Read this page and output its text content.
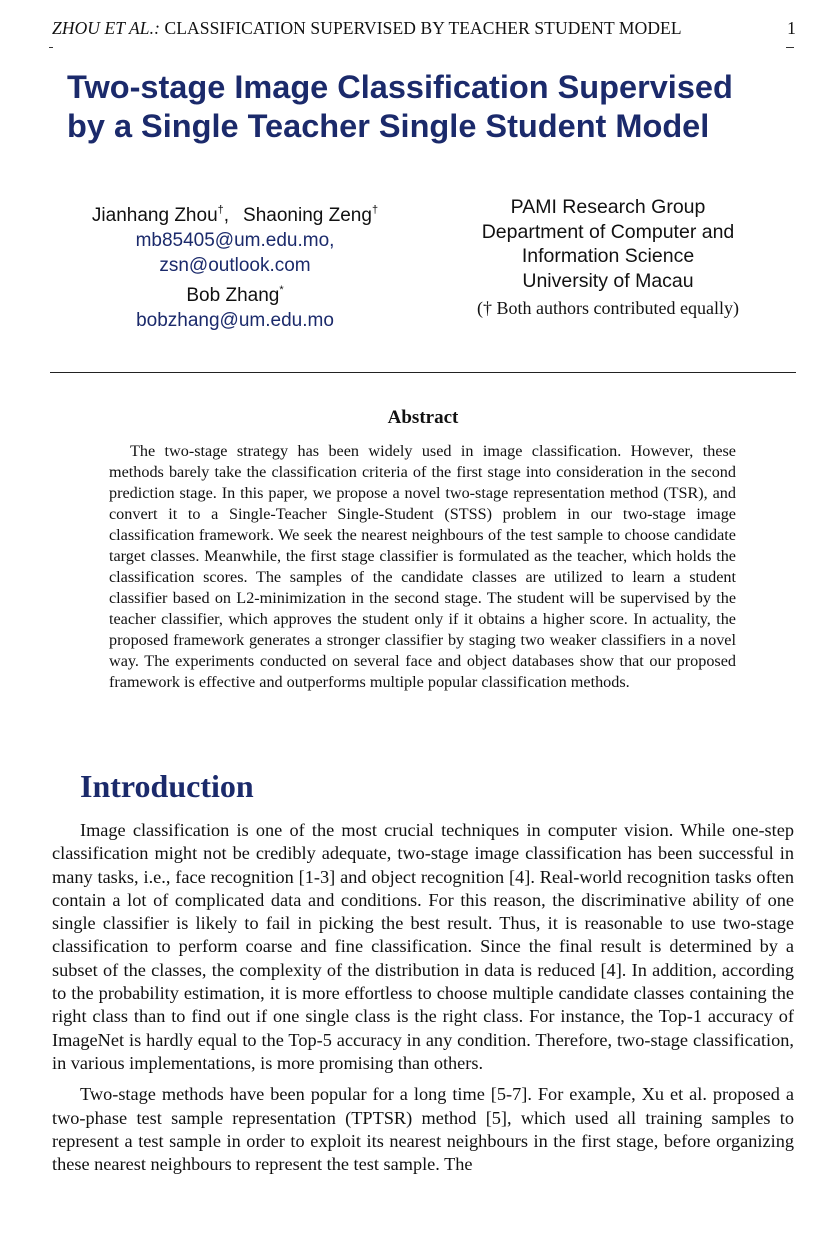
ZHOU ET AL.: CLASSIFICATION SUPERVISED BY TEACHER STUDENT MODEL	1
Two-stage Image Classification Supervised by a Single Teacher Single Student Model
Jianhang Zhou†, Shaoning Zeng†
mb85405@um.edu.mo,
zsn@outlook.com
Bob Zhang*
bobzhang@um.edu.mo
PAMI Research Group
Department of Computer and
Information Science
University of Macau
(† Both authors contributed equally)
Abstract
The two-stage strategy has been widely used in image classification. However, these methods barely take the classification criteria of the first stage into consideration in the second prediction stage. In this paper, we propose a novel two-stage representation method (TSR), and convert it to a Single-Teacher Single-Student (STSS) problem in our two-stage image classification framework. We seek the nearest neighbours of the test sample to choose candidate target classes. Meanwhile, the first stage classifier is formulated as the teacher, which holds the classification scores. The samples of the candidate classes are utilized to learn a student classifier based on L2-minimization in the second stage. The student will be supervised by the teacher classifier, which approves the student only if it obtains a higher score. In actuality, the proposed framework generates a stronger classifier by staging two weaker classifiers in a novel way. The experiments conducted on several face and object databases show that our proposed framework is effective and outperforms multiple popular classification methods.
Introduction

Image classification is one of the most crucial techniques in computer vision. While one-step classification might not be credibly adequate, two-stage image classification has been successful in many tasks, i.e., face recognition [1-3] and object recognition [4]. Real-world recognition tasks often contain a lot of complicated data and conditions. For this reason, the discriminative ability of one single classifier is likely to fail in picking the best result. Thus, it is reasonable to use two-stage classification to perform coarse and fine classification. Since the final result is determined by a subset of the classes, the complexity of the distribution in data is reduced [4]. In addition, according to the probability estimation, it is more effortless to choose multiple candidate classes containing the right class than to find out if one single class is the right class. For instance, the Top-1 accuracy of ImageNet is hardly equal to the Top-5 accuracy in any condition. Therefore, two-stage classification, in various implementations, is more promising than others.

Two-stage methods have been popular for a long time [5-7]. For example, Xu et al. proposed a two-phase test sample representation (TPTSR) method [5], which used all training samples to represent a test sample in order to exploit its nearest neighbours in the first stage, before organizing these nearest neighbours to represent the test sample. The
